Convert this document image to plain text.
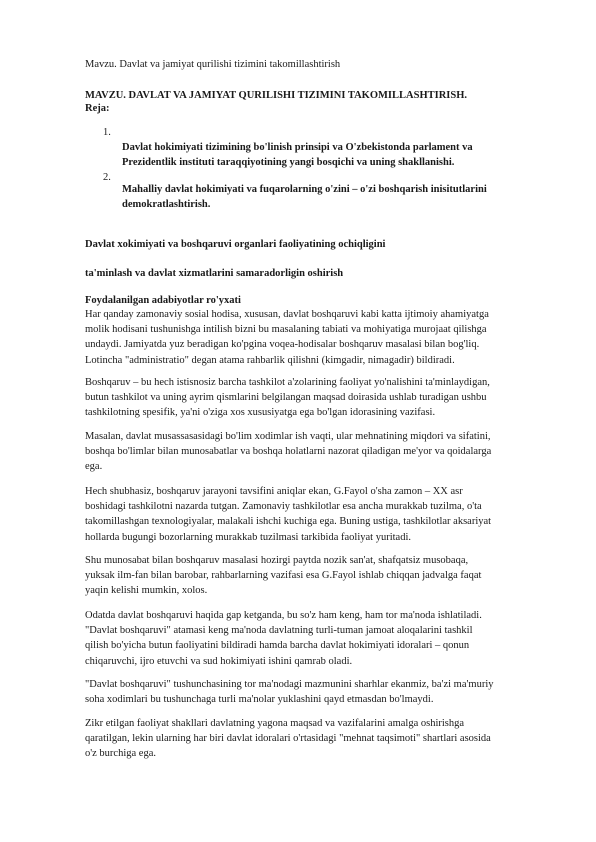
Mavzu. Davlat va jamiyat qurilishi tizimini takomillashtirish
MAVZU. DAVLAT VA JAMIYAT QURILISHI TIZIMINI TAKOMILLASHTIRISH.
Reja:
1.
Davlat hokimiyati tizimining bo'linish prinsipi va O'zbekistonda parlament va
Prezidentlik instituti taraqqiyotining yangi bosqichi va uning shakllanishi.
2.
Mahalliy davlat hokimiyati va fuqarolarning o'zini – o'zi boshqarish inisitutlarini
demokratlashtirish.
Davlat xokimiyati va boshqaruvi organlari faoliyatining ochiqligini
ta'minlash va davlat xizmatlarini samaradorligin oshirish
Foydalanilgan adabiyotlar ro'yxati

Har qanday zamonaviy sosial hodisa, xususan, davlat boshqaruvi kabi katta ijtimoiy ahamiyatga
molik hodisani tushunishga intilish bizni bu masalaning tabiati va mohiyatiga murojaat qilishga
undaydi. Jamiyatda yuz beradigan ko'pgina voqea-hodisalar boshqaruv masalasi bilan bog'liq.
Lotincha "administratio" degan atama rahbarlik qilishni (kimgadir, nimagadir) bildiradi.

Boshqaruv – bu hech istisnosiz barcha tashkilot a'zolarining faoliyat yo'nalishini ta'minlaydigan,
butun tashkilot va uning ayrim qismlarini belgilangan maqsad doirasida ushlab turadigan ushbu
tashkilotning spesifik, ya'ni o'ziga xos xususiyatga ega bo'lgan idorasining vazifasi.

Masalan, davlat musassasasidagi bo'lim xodimlar ish vaqti, ular mehnatining miqdori va sifatini,
boshqa bo'limlar bilan munosabatlar va boshqa holatlarni nazorat qiladigan me'yor va qoidalarga
ega.

Hech shubhasiz, boshqaruv jarayoni tavsifini aniqlar ekan, G.Fayol o'sha zamon – XX asr
boshidagi tashkilotni nazarda tutgan. Zamonaviy tashkilotlar esa ancha murakkab tuzilma, o'ta
takomillashgan texnologiyalar, malakali ishchi kuchiga ega. Buning ustiga, tashkilotlar aksariyat
hollarda bugungi bozorlarning murakkab tuzilmasi tarkibida faoliyat yuritadi.

Shu munosabat bilan boshqaruv masalasi hozirgi paytda nozik san'at, shafqatsiz musobaqa,
yuksak ilm-fan bilan barobar, rahbarlarning vazifasi esa G.Fayol ishlab chiqqan jadvalga faqat
yaqin kelishi mumkin, xolos.

Odatda davlat boshqaruvi haqida gap ketganda, bu so'z ham keng, ham tor ma'noda ishlatiladi.
"Davlat boshqaruvi" atamasi keng ma'noda davlatning turli-tuman jamoat aloqalarini tashkil
qilish bo'yicha butun faoliyatini bildiradi hamda barcha davlat hokimiyati idoralari – qonun
chiqaruvchi, ijro etuvchi va sud hokimiyati ishini qamrab oladi.

"Davlat boshqaruvi" tushunchasining tor ma'nodagi mazmunini sharhlar ekanmiz, ba'zi ma'muriy
soha xodimlari bu tushunchaga turli ma'nolar yuklashini qayd etmasdan bo'lmaydi.

Zikr etilgan faoliyat shakllari davlatning yagona maqsad va vazifalarini amalga oshirishga
qaratilgan, lekin ularning har biri davlat idoralari o'rtasidagi "mehnat taqsimoti" shartlari asosida
o'z burchiga ega.
